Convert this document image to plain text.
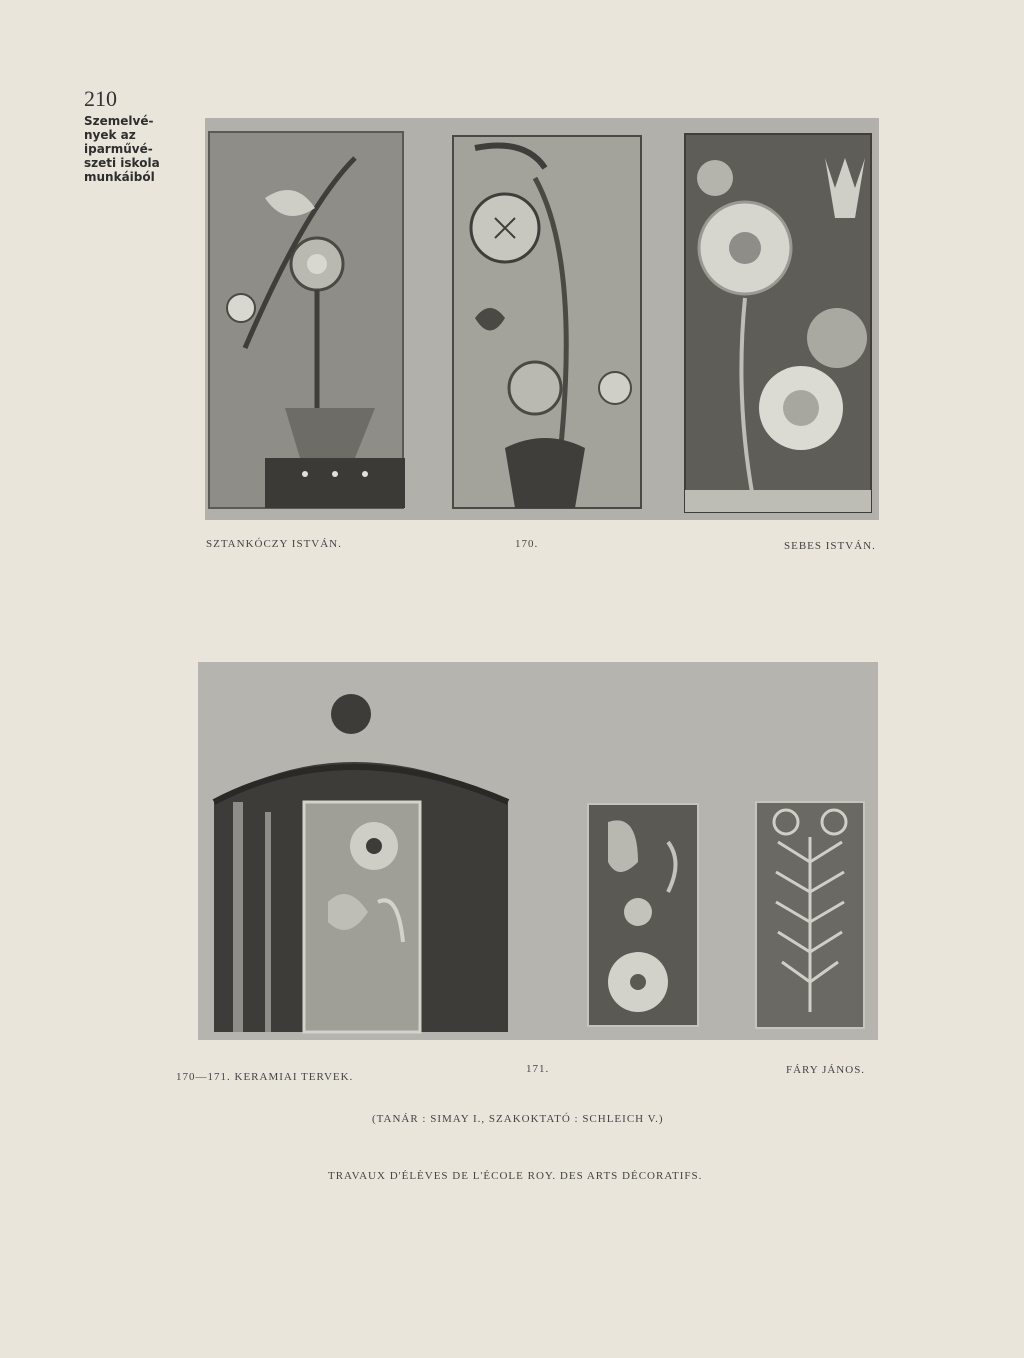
210
Szemelvé-
nyek az
iparművé-
szeti iskola
munkáiból
SZTANKÓCZY ISTVÁN.	170.	SEBES ISTVÁN.
170—171. KERAMIAI TERVEK.
171.	FÁRY JÁNOS.
(TANÁR : SIMAY I., SZAKOKTATÓ : SCHLEICH V.)
TRAVAUX D'ÉLÈVES DE L'ÉCOLE ROY. DES ARTS DÉCORATIFS.
